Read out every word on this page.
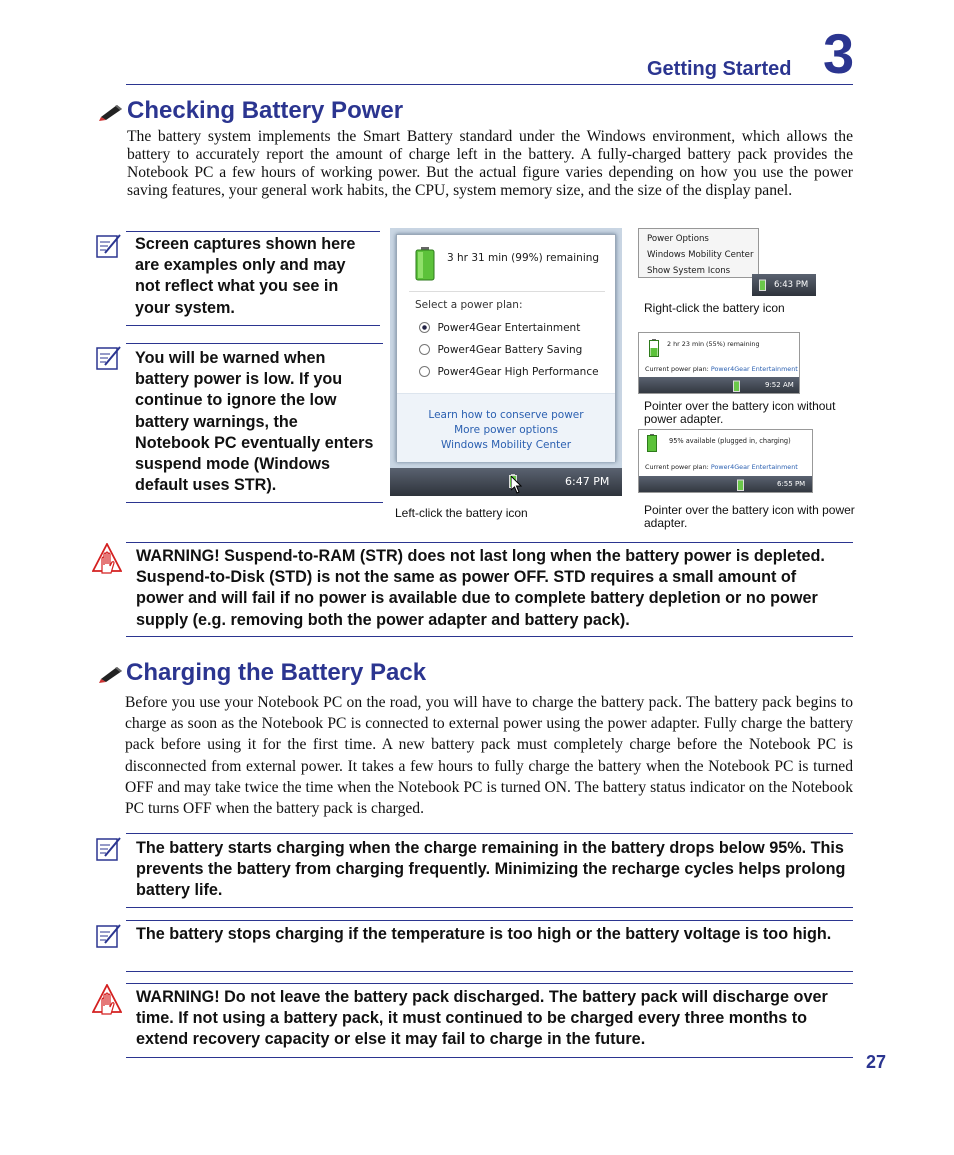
Getting Started 3
Checking Battery Power
The battery system implements the Smart Battery standard under the Windows environment, which allows the battery to accurately report the amount of charge left in the battery. A fully-charged battery pack provides the Notebook PC a few hours of working power. But the actual figure varies depending on how you use the power saving features, your general work habits, the CPU, system memory size, and the size of the display panel.
Screen captures shown here are examples only and may not reflect what you see in your system.
You will be warned when battery power is low. If you continue to ignore the low battery warnings, the Notebook PC eventually enters suspend mode (Windows default uses STR).
3 hr 31 min (99%) remaining
Select a power plan:
Power4Gear Entertainment
Power4Gear Battery Saving
Power4Gear High Performance
Learn how to conserve power
More power options
Windows Mobility Center
6:47 PM
Left-click the battery icon
Power Options
Windows Mobility Center
Show System Icons
6:43 PM
Right-click the battery icon
2 hr 23 min (55%) remaining
Current power plan: Power4Gear Entertainment
9:52 AM
Pointer over the battery icon without power adapter.
95% available (plugged in, charging)
Current power plan: Power4Gear Entertainment
6:55 PM
Pointer over the battery icon with power adapter.
WARNING! Suspend-to-RAM (STR) does not last long when the battery power is depleted. Suspend-to-Disk (STD) is not the same as power OFF. STD requires a small amount of power and will fail if no power is available due to complete battery depletion or no power supply (e.g. removing both the power adapter and battery pack).
Charging the Battery Pack
Before you use your Notebook PC on the road, you will have to charge the battery pack. The battery pack begins to charge as soon as the Notebook PC is connected to external power using the power adapter. Fully charge the battery pack before using it for the first time. A new battery pack must completely charge before the Notebook PC is disconnected from external power. It takes a few hours to fully charge the battery when the Notebook PC is turned OFF and may take twice the time when the Notebook PC is turned ON. The battery status indicator on the Notebook PC turns OFF when the battery pack is charged.
The battery starts charging when the charge remaining in the battery drops below 95%. This prevents the battery from charging frequently. Minimizing the recharge cycles helps prolong battery life.
The battery stops charging if the temperature is too high or the battery voltage is too high.
WARNING! Do not leave the battery pack discharged. The battery pack will discharge over time. If not using a battery pack, it must continued to be charged every three months to extend recovery capacity or else it may fail to charge in the future.
27
